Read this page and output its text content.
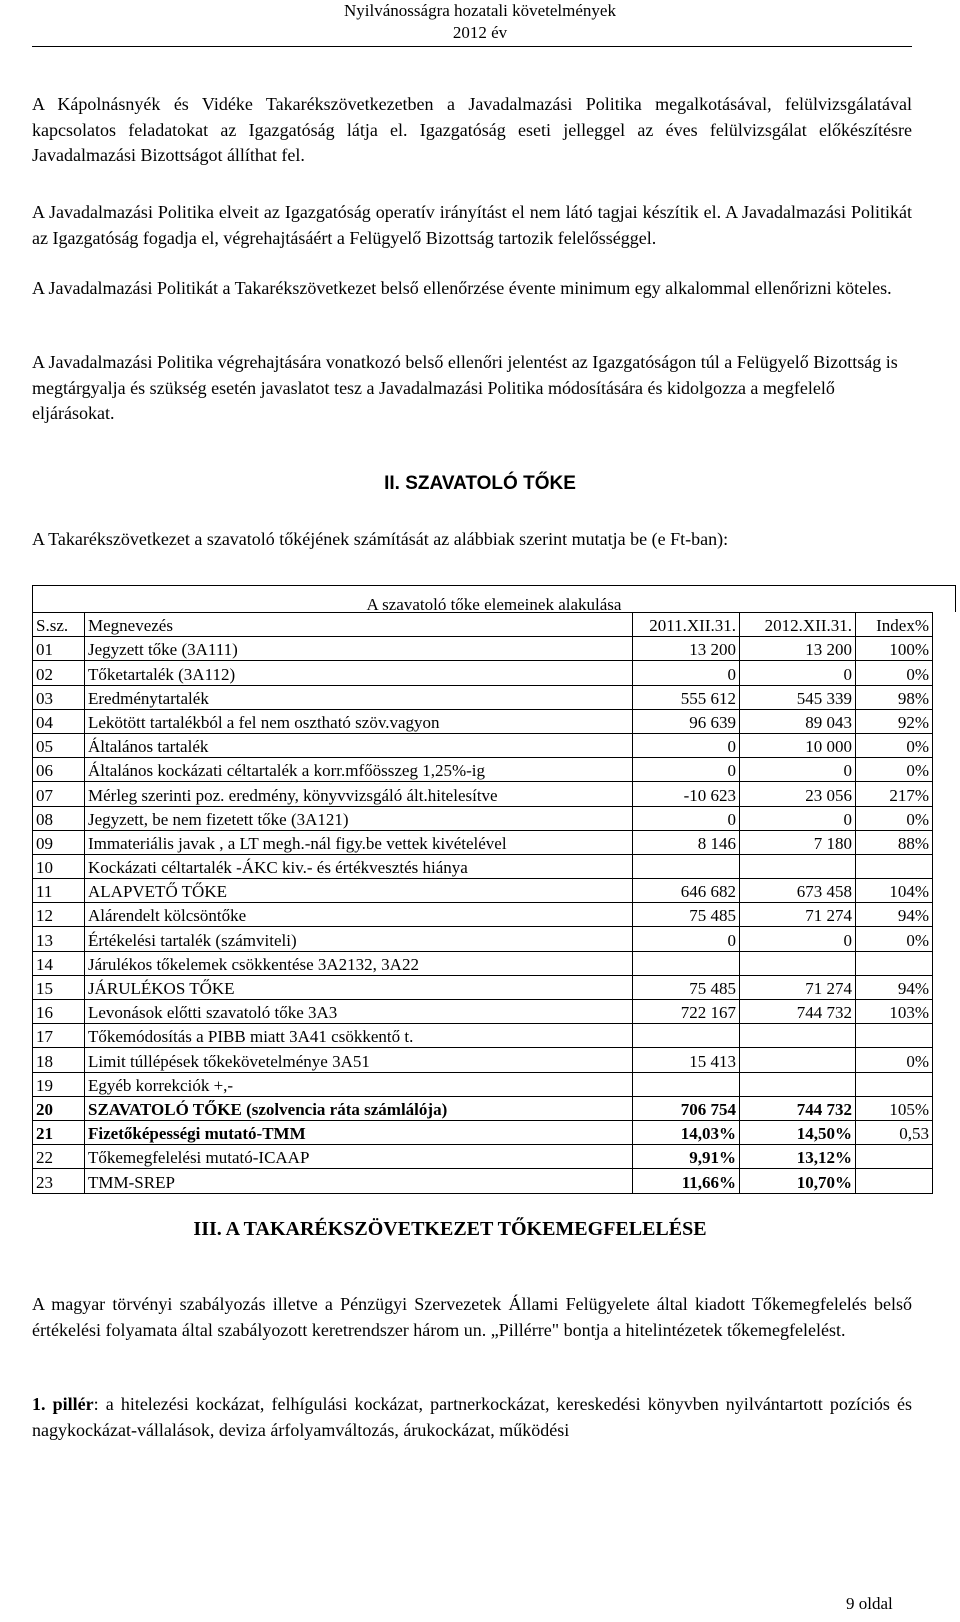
Nyilvánosságra hozatali követelmények
2012 év

A Kápolnásnyék és Vidéke Takarékszövetkezetben a Javadalmazási Politika megalkotásával, felülvizsgálatával kapcsolatos feladatokat az Igazgatóság látja el. Igazgatóság eseti jelleggel az éves felülvizsgálat előkészítésre Javadalmazási Bizottságot állíthat fel.

A Javadalmazási Politika elveit az Igazgatóság operatív irányítást el nem látó tagjai készítik el. A Javadalmazási Politikát az Igazgatóság fogadja el, végrehajtásáért a Felügyelő Bizottság tartozik felelősséggel.

A Javadalmazási Politikát a Takarékszövetkezet belső ellenőrzése évente minimum egy alkalommal ellenőrizni köteles.

A Javadalmazási Politika végrehajtására vonatkozó belső ellenőri jelentést az Igazgatóságon túl a Felügyelő Bizottság is megtárgyalja és szükség esetén javaslatot tesz a Javadalmazási Politika módosítására és kidolgozza a megfelelő eljárásokat.

II. SZAVATOLÓ TŐKE

A Takarékszövetkezet a szavatoló tőkéjének számítását az alábbiak szerint mutatja be (e Ft-ban):

A szavatoló tőke elemeinek alakulása
S.sz.	Megnevezés	2011.XII.31.	2012.XII.31.	Index%
01	Jegyzett tőke (3A111)	13 200	13 200	100%
02	Tőketartalék (3A112)	0	0	0%
03	Eredménytartalék	555 612	545 339	98%
04	Lekötött tartalékból a fel nem osztható szöv.vagyon	96 639	89 043	92%
05	Általános tartalék	0	10 000	0%
06	Általános kockázati céltartalék a korr.mfőösszeg 1,25%-ig	0	0	0%
07	Mérleg szerinti poz. eredmény, könyvvizsgáló ált.hitelesítve	-10 623	23 056	217%
08	Jegyzett, be nem fizetett tőke (3A121)	0	0	0%
09	Immateriális javak , a LT megh.-nál figy.be vettek kivételével	8 146	7 180	88%
10	Kockázati céltartalék -ÁKC kiv.- és értékvesztés hiánya			
11	ALAPVETŐ TŐKE	646 682	673 458	104%
12	Alárendelt kölcsöntőke	75 485	71 274	94%
13	Értékelési tartalék (számviteli)	0	0	0%
14	Járulékos tőkelemek csökkentése 3A2132, 3A22			
15	JÁRULÉKOS TŐKE	75 485	71 274	94%
16	Levonások előtti szavatoló tőke 3A3	722 167	744 732	103%
17	Tőkemódosítás a PIBB miatt 3A41 csökkentő t.			
18	Limit túllépések tőkekövetelménye 3A51	15 413		0%
19	Egyéb korrekciók +,-			
20	SZAVATOLÓ TŐKE (szolvencia ráta számlálója)	706 754	744 732	105%
21	Fizetőképességi mutató-TMM	14,03%	14,50%	0,53
22	Tőkemegfelelési mutató-ICAAP	9,91%	13,12%	
23	TMM-SREP	11,66%	10,70%	
III. A TAKARÉKSZÖVETKEZET TŐKEMEGFELELÉSE

A magyar törvényi szabályozás illetve a Pénzügyi Szervezetek Állami Felügyelete által kiadott Tőkemegfelelés belső értékelési folyamata által szabályozott keretrendszer három un. „Pillérre" bontja a hitelintézetek tőkemegfelelést.

1. pillér: a hitelezési kockázat, felhígulási kockázat, partnerkockázat, kereskedési könyvben nyilvántartott pozíciós és nagykockázat-vállalások, deviza árfolyamváltozás, árukockázat, működési

9 oldal
